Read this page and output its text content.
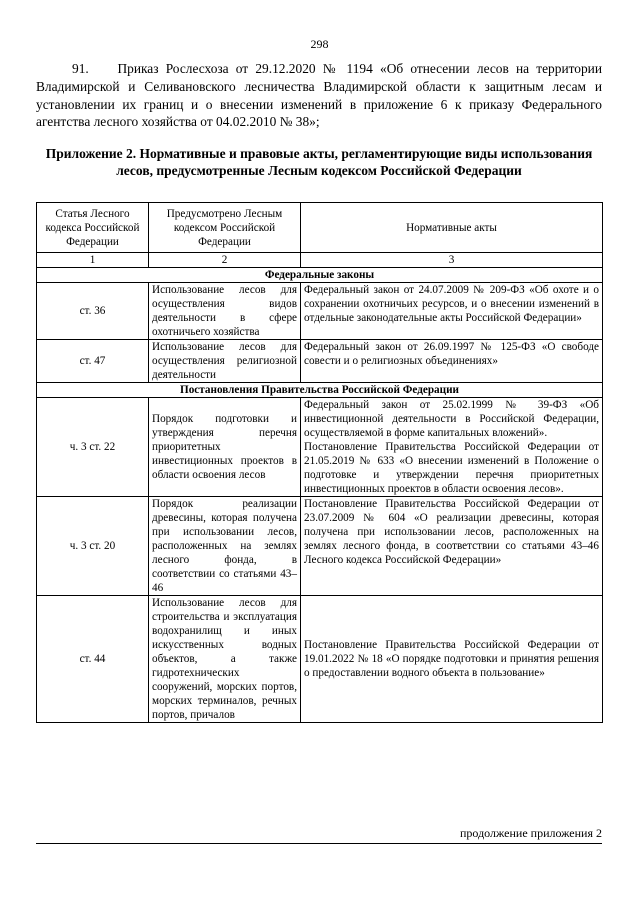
298
91. Приказ Рослесхоза от 29.12.2020 № 1194 «Об отнесении лесов на территории Владимирской и Селивановского лесничества Владимирской области к защитным лесам и установлении их границ и о внесении изменений в приложение 6 к приказу Федерального агентства лесного хозяйства от 04.02.2010 № 38»;
Приложение 2. Нормативные и правовые акты, регламентирующие виды использования лесов, предусмотренные Лесным кодексом Российской Федерации
Статья Лесного кодекса Российской Федерации	Предусмотрено Лесным кодексом Российской Федерации	Нормативные акты
1	2	3
Федеральные законы		
ст. 36	Использование лесов для осуществления видов деятельности в сфере охотничьего хозяйства	Федеральный закон от 24.07.2009 № 209-ФЗ «Об охоте и о сохранении охотничьих ресурсов, и о внесении изменений в отдельные законодательные акты Российской Федерации»
ст. 47	Использование лесов для осуществления религиозной деятельности	Федеральный закон от 26.09.1997 № 125-ФЗ «О свободе совести и о религиозных объединениях»
Постановления Правительства Российской Федерации		
ч. 3 ст. 22	Порядок подготовки и утверждения перечня приоритетных инвестиционных проектов в области освоения лесов	Федеральный закон от 25.02.1999 № 39-ФЗ «Об инвестиционной деятельности в Российской Федерации, осуществляемой в форме капитальных вложений».
Постановление Правительства Российской Федерации от 21.05.2019 № 633 «О внесении изменений в Положение о подготовке и утверждении перечня приоритетных инвестиционных проектов в области освоения лесов».

ч. 3 ст. 20	Порядок реализации древесины, которая получена при использовании лесов, расположенных на землях лесного фонда, в соответствии со статьями 43–46	Постановление Правительства Российской Федерации от 23.07.2009 № 604 «О реализации древесины, которая получена при использовании лесов, расположенных на землях лесного фонда, в соответствии со статьями 43–46 Лесного кодекса Российской Федерации»
ст. 44	Использование лесов для строительства и эксплуатация водохранилищ и иных искусственных водных объектов, а также гидротехнических сооружений, морских портов, морских терминалов, речных портов, причалов	Постановление Правительства Российской Федерации от 19.01.2022 № 18 «О порядке подготовки и принятия решения о предоставлении водного объекта в пользование»
продолжение приложения 2
